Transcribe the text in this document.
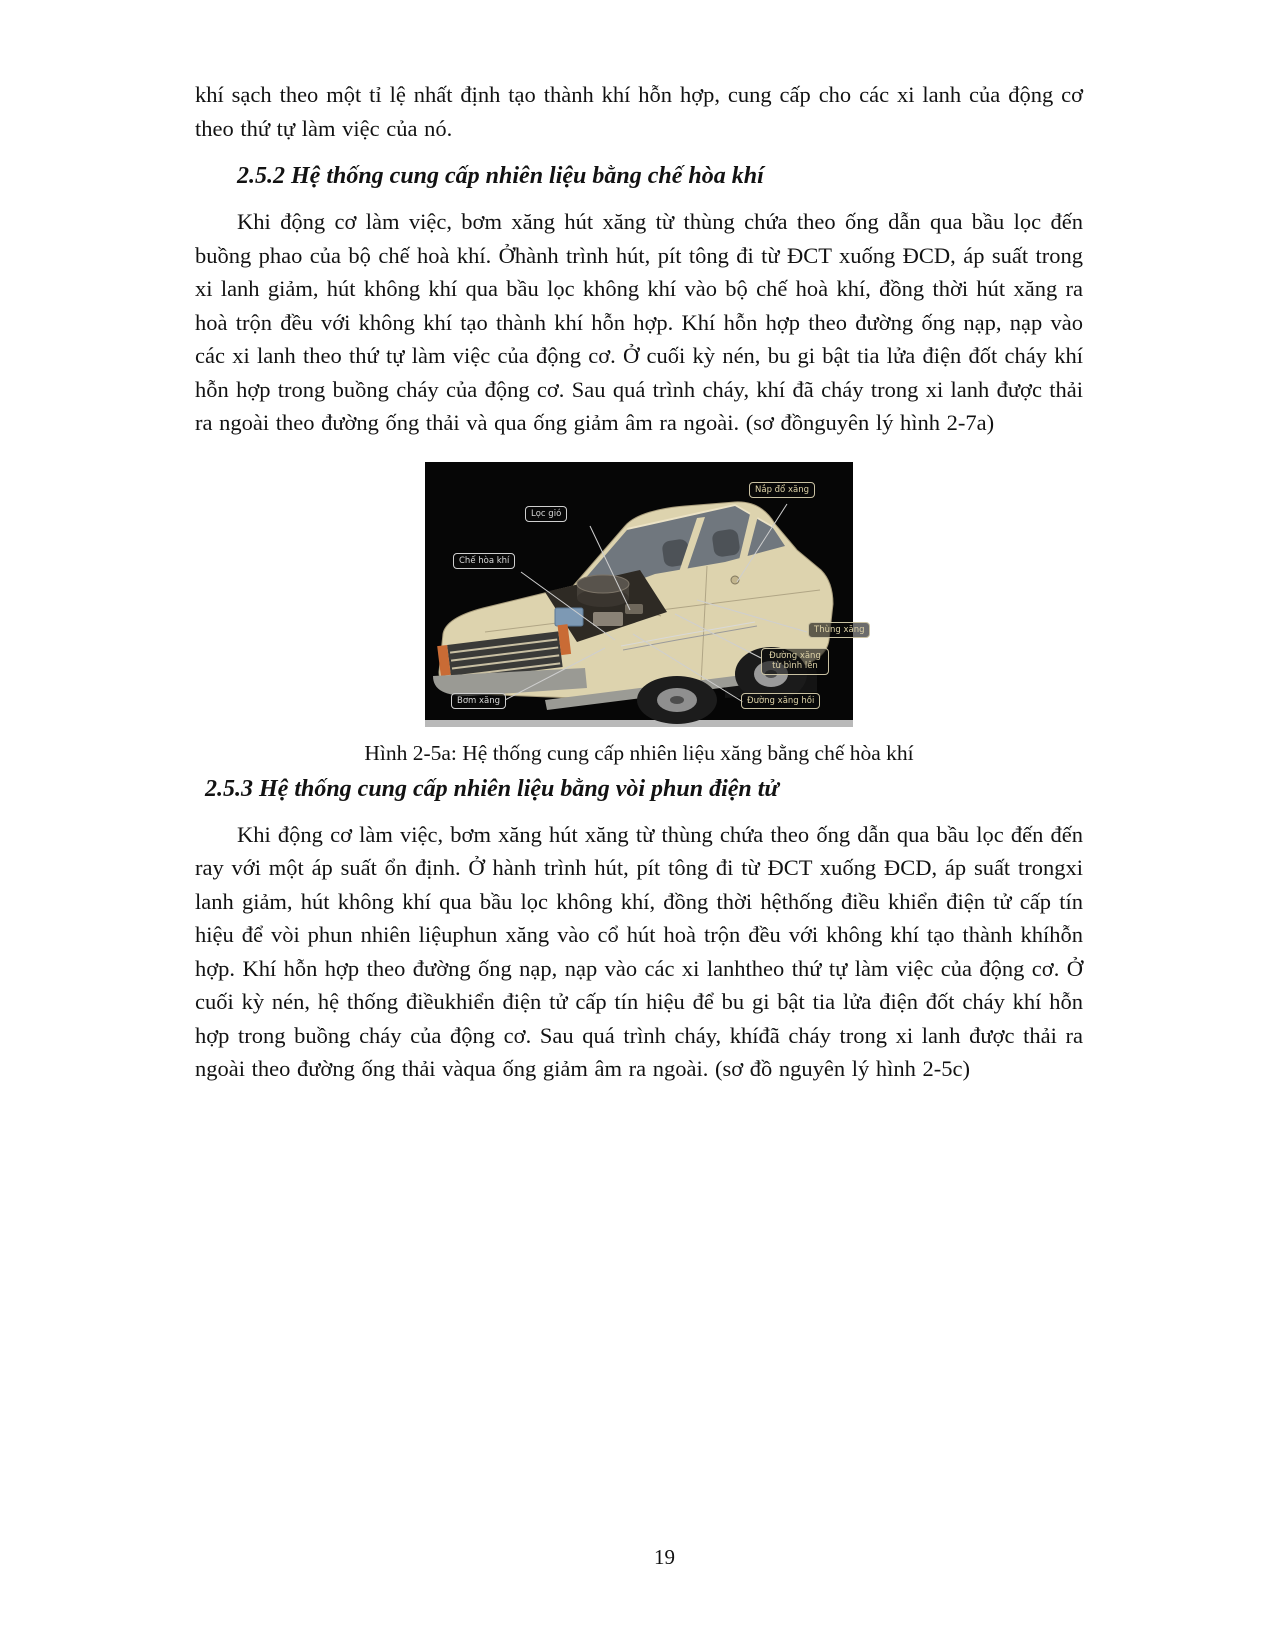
khí sạch theo một tỉ lệ nhất định tạo thành khí hỗn hợp, cung cấp cho các xi lanh của động cơ theo thứ tự làm việc của nó.

2.5.2 Hệ thống cung cấp nhiên liệu bằng chế hòa khí

Khi động cơ làm việc, bơm xăng hút xăng từ thùng chứa theo ống dẫn qua bầu lọc đến buồng phao của bộ chế hoà khí. Ởhành trình hút, pít tông đi từ ĐCT xuống ĐCD, áp suất trong xi lanh giảm, hút không khí qua bầu lọc không khí vào bộ chế hoà khí, đồng thời hút xăng ra hoà trộn đều với không khí tạo thành khí hỗn hợp. Khí hỗn hợp theo đường ống nạp, nạp vào các xi lanh theo thứ tự làm việc của động cơ. Ở cuối kỳ nén, bu gi bật tia lửa điện đốt cháy khí hỗn hợp trong buồng cháy của động cơ. Sau quá trình cháy, khí đã cháy trong xi lanh được thải ra ngoài theo đường ống thải và qua ống giảm âm ra ngoài. (sơ đồnguyên lý hình 2-7a)

Lọc gió
Chế hòa khí
Nắp đổ xăng
Thùng xăng
Đường xăng từ bình lên
Đường xăng hồi
Bơm xăng
Hình 2-5a: Hệ thống cung cấp nhiên liệu xăng bằng chế hòa khí
2.5.3 Hệ thống cung cấp nhiên liệu bằng vòi phun điện tử

Khi động cơ làm việc, bơm xăng hút xăng từ thùng chứa theo ống dẫn qua bầu lọc đến đến ray với một áp suất ổn định. Ở hành trình hút, pít tông đi từ ĐCT xuống ĐCD, áp suất trongxi lanh giảm, hút không khí qua bầu lọc không khí, đồng thời hệthống điều khiển điện tử cấp tín hiệu để vòi phun nhiên liệuphun xăng vào cổ hút hoà trộn đều với không khí tạo thành khíhỗn hợp. Khí hỗn hợp theo đường ống nạp, nạp vào các xi lanhtheo thứ tự làm việc của động cơ. Ở cuối kỳ nén, hệ thống điềukhiển điện tử cấp tín hiệu để bu gi bật tia lửa điện đốt cháy khí hỗn hợp trong buồng cháy của động cơ. Sau quá trình cháy, khíđã cháy trong xi lanh được thải ra ngoài theo đường ống thải vàqua ống giảm âm ra ngoài. (sơ đồ nguyên lý hình 2-5c)

19
